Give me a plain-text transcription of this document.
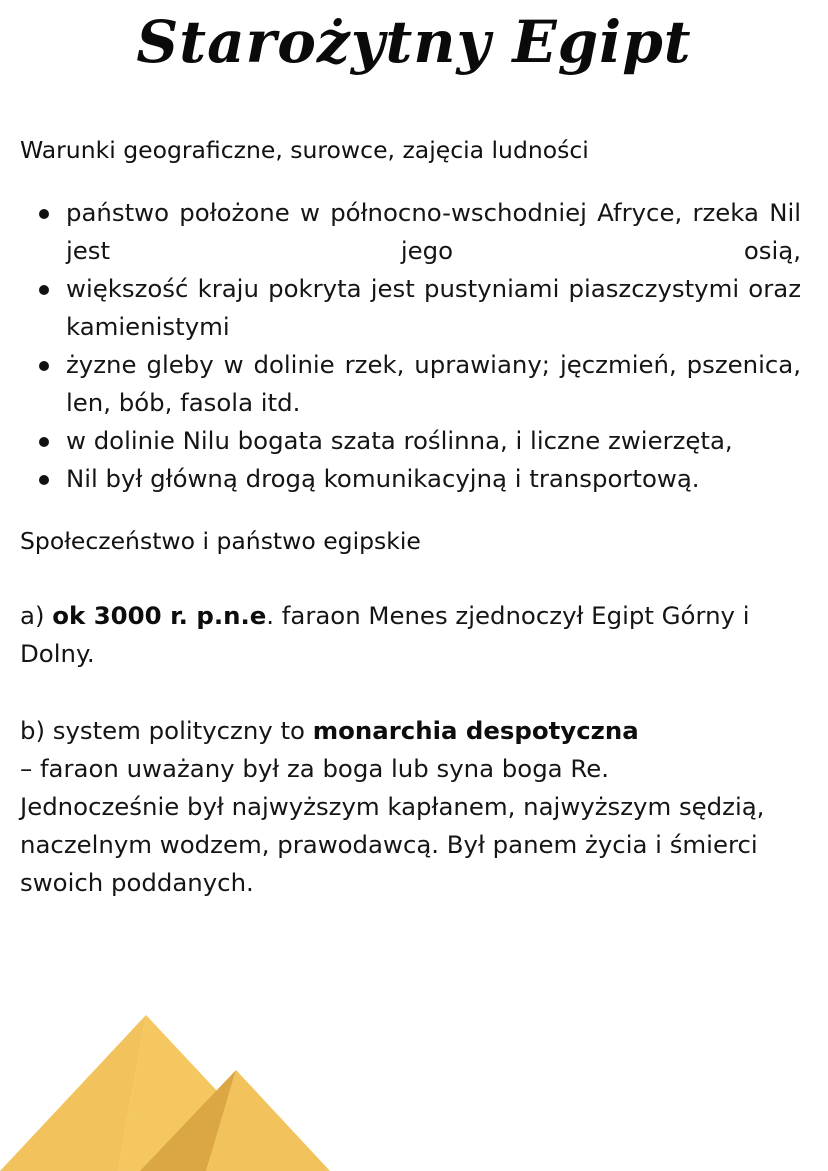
Starożytny Egipt
Warunki geograficzne, surowce, zajęcia ludności
państwo położone w północno-wschodniej Afryce, rzeka Nil jest jego osią,
większość kraju pokryta jest pustyniami piaszczystymi oraz kamienistymi
żyzne gleby w dolinie rzek, uprawiany; jęczmień, pszenica, len, bób, fasola itd.
w dolinie Nilu bogata szata roślinna, i liczne zwierzęta,
Nil był główną drogą komunikacyjną i transportową.
Społeczeństwo i państwo egipskie

a) ok 3000 r. p.n.e. faraon Menes zjednoczył Egipt Górny i Dolny.

b) system polityczny to monarchia despotyczna
– faraon uważany był za boga lub syna boga Re.
Jednocześnie był najwyższym kapłanem, najwyższym sędzią, naczelnym wodzem, prawodawcą. Był panem życia i śmierci swoich poddanych.
